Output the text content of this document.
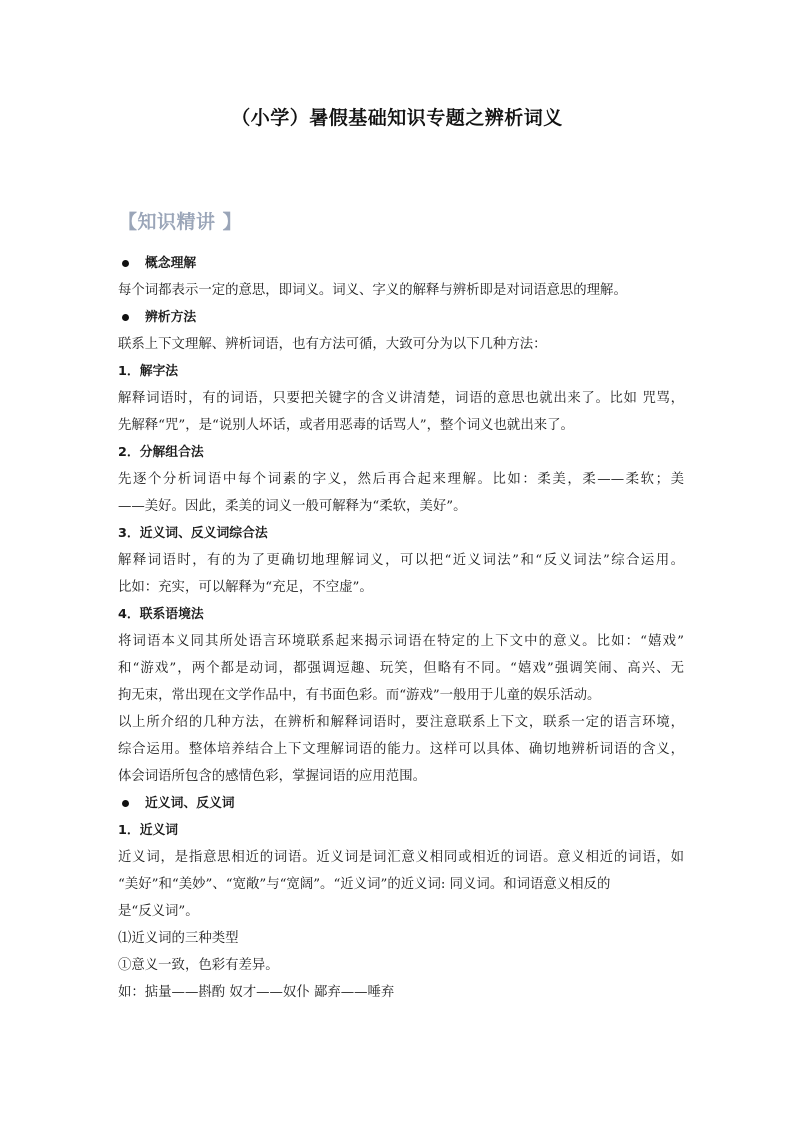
（小学）暑假基础知识专题之辨析词义
【知识精讲 】
概念理解
每个词都表示一定的意思，即词义。词义、字义的解释与辨析即是对词语意思的理解。
辨析方法
联系上下文理解、辨析词语，也有方法可循，大致可分为以下几种方法：
1．解字法
解释词语时，有的词语，只要把关键字的含义讲清楚，词语的意思也就出来了。比如 咒骂，
先解释“咒”，是“说别人坏话，或者用恶毒的话骂人”，整个词义也就出来了。
2．分解组合法
先逐个分析词语中每个词素的字义，然后再合起来理解。比如：柔美，柔——柔软；美
——美好。因此，柔美的词义一般可解释为“柔软，美好”。
3．近义词、反义词综合法
解释词语时，有的为了更确切地理解词义，可以把“近义词法”和“反义词法”综合运用。
比如：充实，可以解释为“充足，不空虚”。
4．联系语境法
将词语本义同其所处语言环境联系起来揭示词语在特定的上下文中的意义。比如：“嬉戏”
和“游戏”，两个都是动词，都强调逗趣、玩笑，但略有不同。“嬉戏”强调笑闹、高兴、无
拘无束，常出现在文学作品中，有书面色彩。而“游戏”一般用于儿童的娱乐活动。
以上所介绍的几种方法，在辨析和解释词语时，要注意联系上下文，联系一定的语言环境，
综合运用。整体培养结合上下文理解词语的能力。这样可以具体、确切地辨析词语的含义，
体会词语所包含的感情色彩，掌握词语的应用范围。
近义词、反义词
1．近义词
近义词，是指意思相近的词语。近义词是词汇意义相同或相近的词语。意义相近的词语，如
“美好”和“美妙”、“宽敞”与“宽阔”。“近义词”的近义词: 同义词。和词语意义相反的
是“反义词”。
⑴近义词的三种类型
①意义一致，色彩有差异。
如：掂量——斟酌 奴才——奴仆 鄙弃——唾弃
